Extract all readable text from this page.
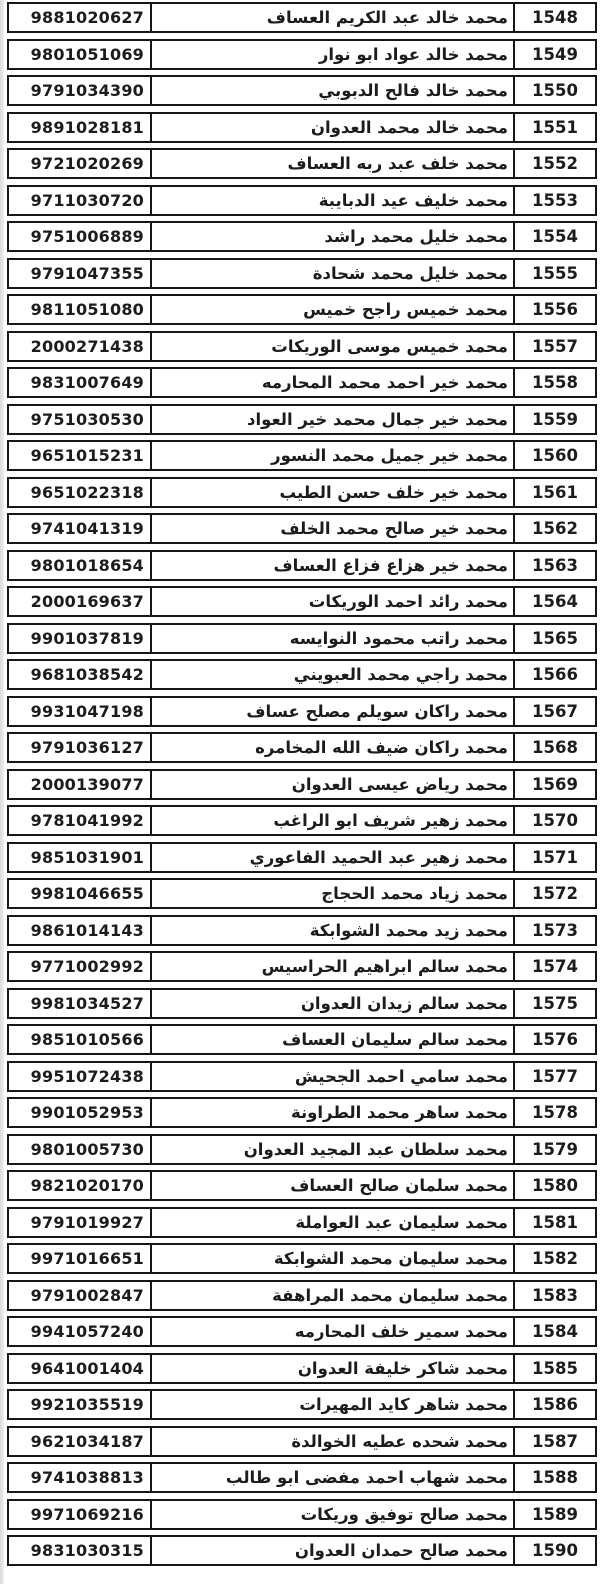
9881020627	محمد خالد عبد الكريم العساف	1548
9801051069	محمد خالد عواد ابو نوار	1549
9791034390	محمد خالد فالح الدبوبي	1550
9891028181	محمد خالد محمد العدوان	1551
9721020269	محمد خلف عبد ربه العساف	1552
9711030720	محمد خليف عيد الدبايبة	1553
9751006889	محمد خليل محمد راشد	1554
9791047355	محمد خليل محمد شحادة	1555
9811051080	محمد خميس راجح خميس	1556
2000271438	محمد خميس موسى الوريكات	1557
9831007649	محمد خير احمد محمد المحارمه	1558
9751030530	محمد خير جمال محمد خير العواد	1559
9651015231	محمد خير جميل محمد النسور	1560
9651022318	محمد خير خلف حسن الطيب	1561
9741041319	محمد خير صالح محمد الخلف	1562
9801018654	محمد خير هزاع فزاع العساف	1563
2000169637	محمد رائد احمد الوريكات	1564
9901037819	محمد راتب محمود النوايسه	1565
9681038542	محمد راجي محمد العبويني	1566
9931047198	محمد راكان سويلم مصلح عساف	1567
9791036127	محمد راكان ضيف الله المخامره	1568
2000139077	محمد رياض عيسى العدوان	1569
9781041992	محمد زهير شريف ابو الراغب	1570
9851031901	محمد زهير عبد الحميد الفاعوري	1571
9981046655	محمد زياد محمد الحجاج	1572
9861014143	محمد زيد محمد الشوابكة	1573
9771002992	محمد سالم ابراهيم الحراسيس	1574
9981034527	محمد سالم زيدان العدوان	1575
9851010566	محمد سالم سليمان العساف	1576
9951072438	محمد سامي احمد الجحيش	1577
9901052953	محمد ساهر محمد الطراونة	1578
9801005730	محمد سلطان عبد المجيد العدوان	1579
9821020170	محمد سلمان صالح العساف	1580
9791019927	محمد سليمان عبد العواملة	1581
9971016651	محمد سليمان محمد الشوابكة	1582
9791002847	محمد سليمان محمد المراهفة	1583
9941057240	محمد سمير خلف المحارمه	1584
9641001404	محمد شاكر خليفة العدوان	1585
9921035519	محمد شاهر كايد المهيرات	1586
9621034187	محمد شحده عطيه الخوالدة	1587
9741038813	محمد شهاب احمد مفضى ابو طالب	1588
9971069216	محمد صالح توفيق وريكات	1589
9831030315	محمد صالح حمدان العدوان	1590
